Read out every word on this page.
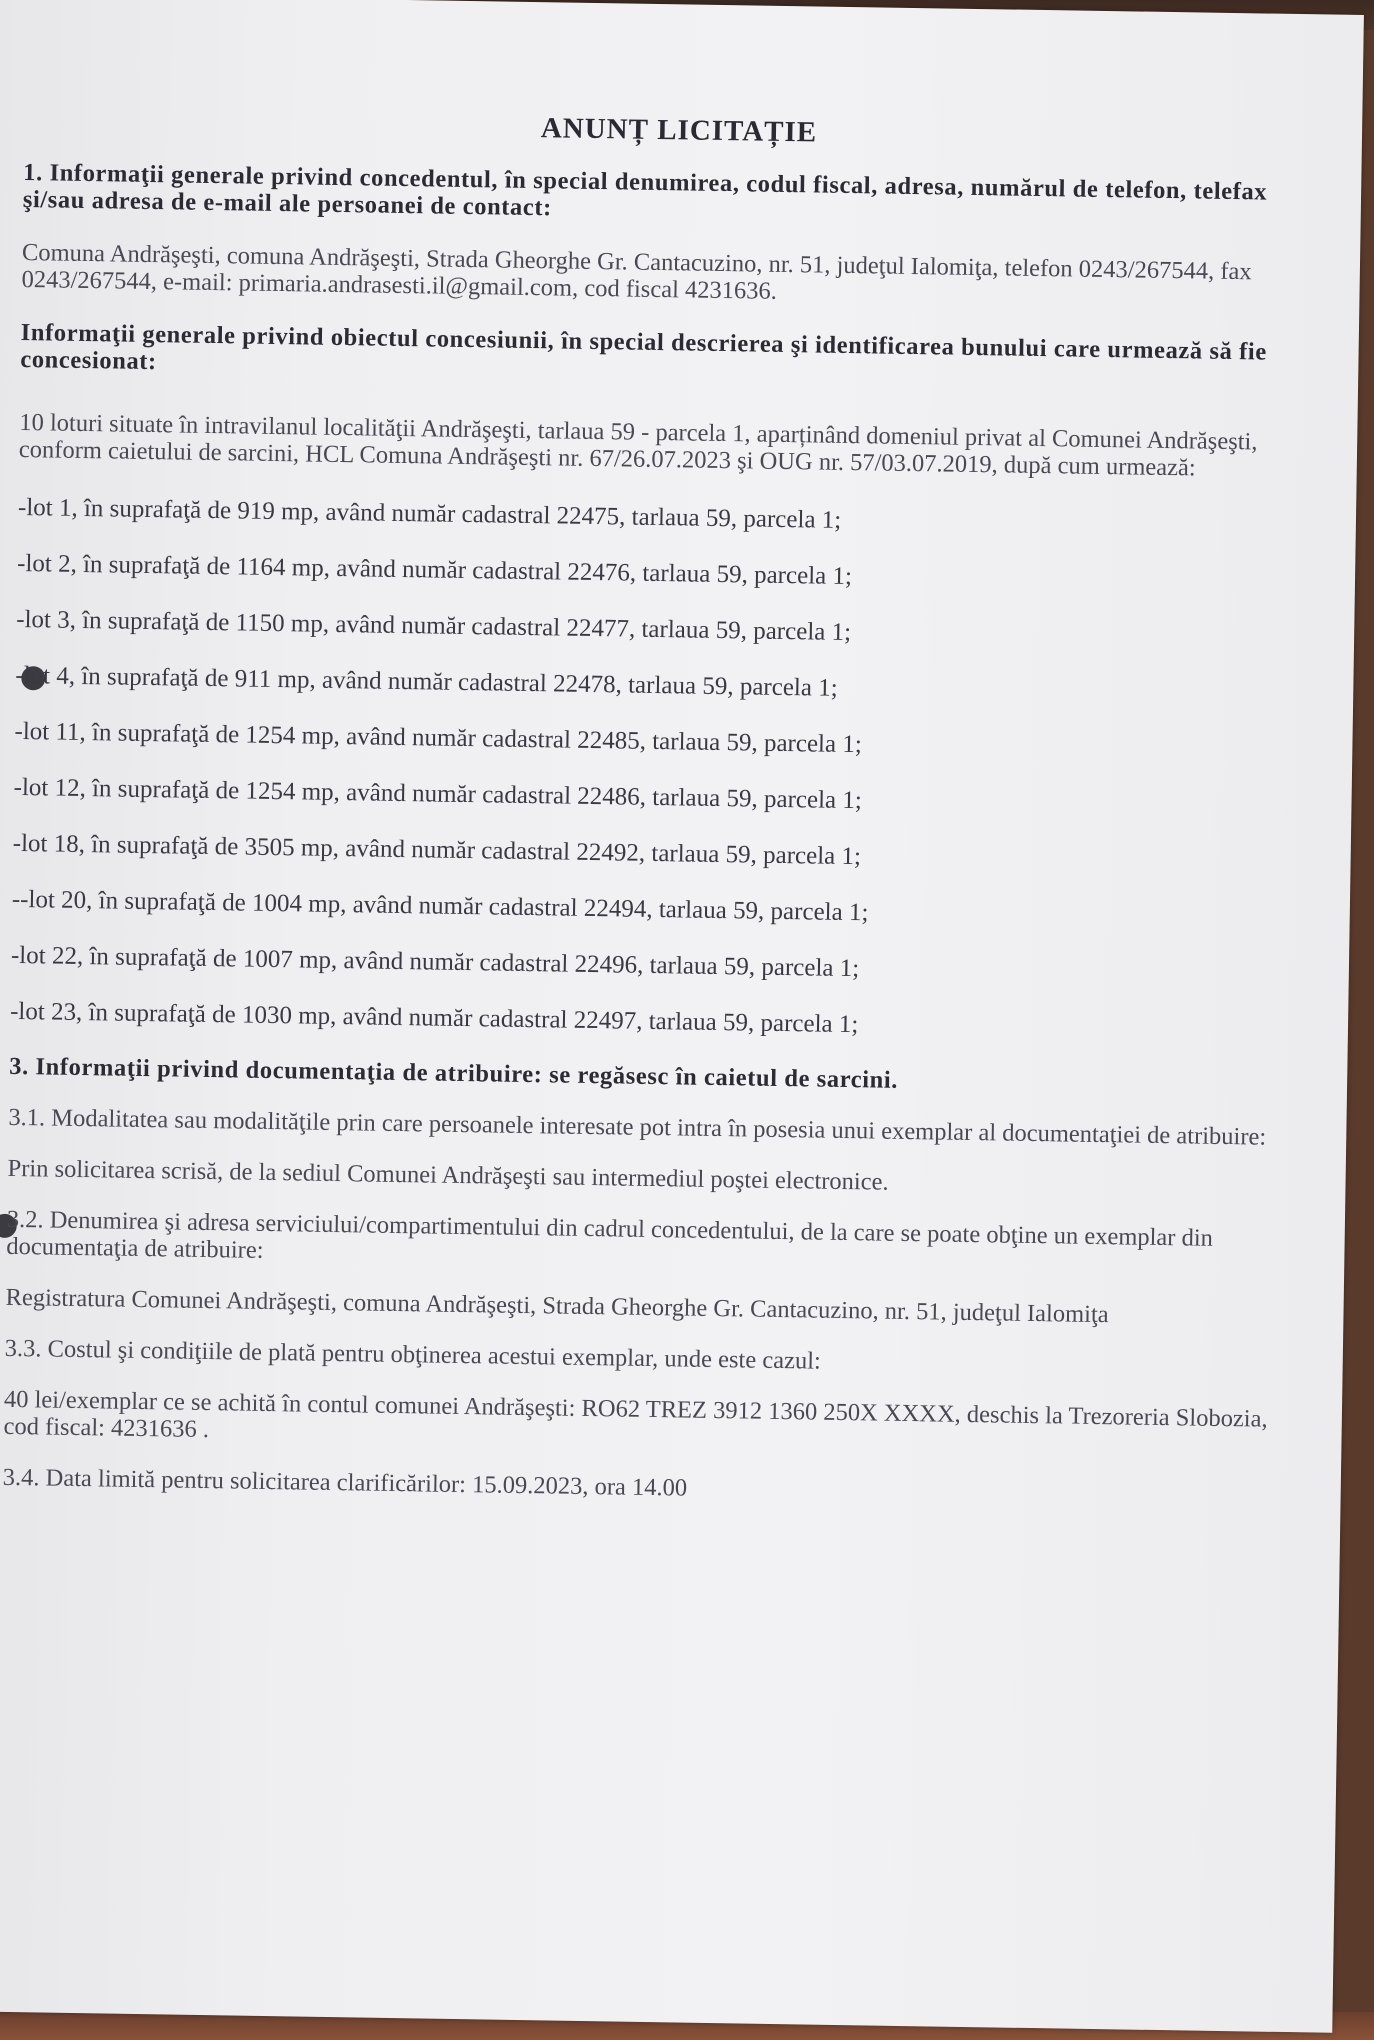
ANUNȚ LICITAȚIE
1. Informaţii generale privind concedentul, în special denumirea, codul fiscal, adresa, numărul de telefon, telefax şi/sau adresa de e-mail ale persoanei de contact:
Comuna Andrăşeşti, comuna Andrăşeşti, Strada Gheorghe Gr. Cantacuzino, nr. 51, judeţul Ialomiţa, telefon 0243/267544, fax 0243/267544, e-mail: primaria.andrasesti.il@gmail.com, cod fiscal 4231636.
Informaţii generale privind obiectul concesiunii, în special descrierea şi identificarea bunului care urmează să fie concesionat:
10 loturi situate în intravilanul localităţii Andrăşeşti, tarlaua 59 - parcela 1, aparținând domeniul privat al Comunei Andrăşeşti, conform caietului de sarcini, HCL Comuna Andrăşeşti nr. 67/26.07.2023 şi OUG nr. 57/03.07.2019, după cum urmează:
-lot 1, în suprafaţă de 919 mp, având număr cadastral 22475, tarlaua 59, parcela 1;
-lot 2, în suprafaţă de 1164 mp, având număr cadastral 22476, tarlaua 59, parcela 1;
-lot 3, în suprafaţă de 1150 mp, având număr cadastral 22477, tarlaua 59, parcela 1;
-lot 4, în suprafaţă de 911 mp, având număr cadastral 22478, tarlaua 59, parcela 1;
-lot 11, în suprafaţă de 1254 mp, având număr cadastral 22485, tarlaua 59, parcela 1;
-lot 12, în suprafaţă de 1254 mp, având număr cadastral 22486, tarlaua 59, parcela 1;
-lot 18, în suprafaţă de 3505 mp, având număr cadastral 22492, tarlaua 59, parcela 1;
--lot 20, în suprafaţă de 1004 mp, având număr cadastral 22494, tarlaua 59, parcela 1;
-lot 22, în suprafaţă de 1007 mp, având număr cadastral 22496, tarlaua 59, parcela 1;
-lot 23, în suprafaţă de 1030 mp, având număr cadastral 22497, tarlaua 59, parcela 1;
3. Informaţii privind documentaţia de atribuire: se regăsesc în caietul de sarcini.
3.1. Modalitatea sau modalităţile prin care persoanele interesate pot intra în posesia unui exemplar al documentaţiei de atribuire:
Prin solicitarea scrisă, de la sediul Comunei Andrăşeşti sau intermediul poştei electronice.
3.2. Denumirea şi adresa serviciului/compartimentului din cadrul concedentului, de la care se poate obţine un exemplar din documentaţia de atribuire:
Registratura Comunei Andrăşeşti, comuna Andrăşeşti, Strada Gheorghe Gr. Cantacuzino, nr. 51, judeţul Ialomiţa
3.3. Costul şi condiţiile de plată pentru obţinerea acestui exemplar, unde este cazul:
40 lei/exemplar ce se achită în contul comunei Andrăşeşti: RO62 TREZ 3912 1360 250X XXXX, deschis la Trezoreria Slobozia, cod fiscal: 4231636 .
3.4. Data limită pentru solicitarea clarificărilor: 15.09.2023, ora 14.00
